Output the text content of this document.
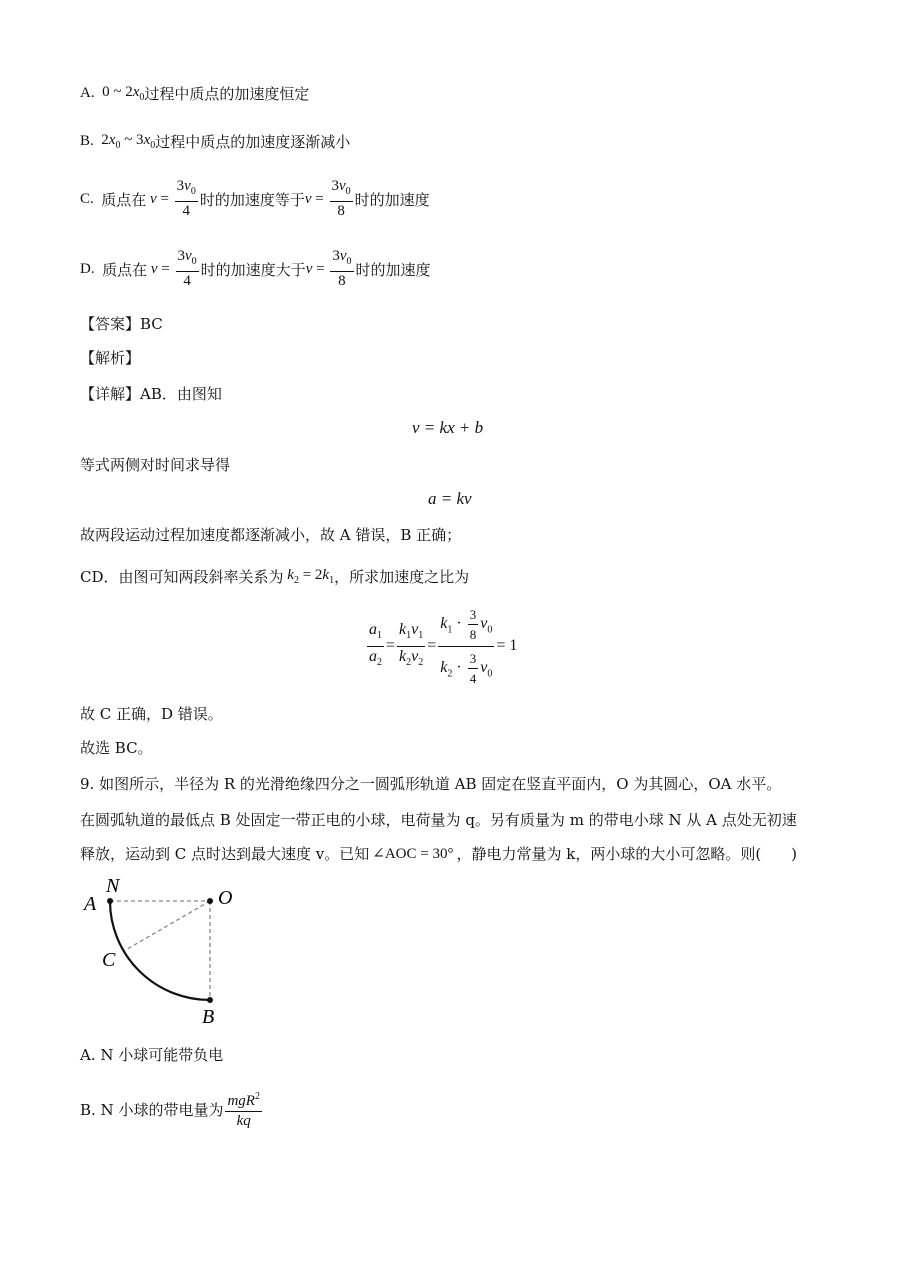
A. 0 ~ $2x_0$ 过程中质点的加速度恒定
B. $2x_0$ ~ $3x_0$ 过程中质点的加速度逐渐减小
C. 质点在 $v = \frac{3v_0}{4}$ 时的加速度等于 $v = \frac{3v_0}{8}$ 时的加速度
D. 质点在 $v = \frac{3v_0}{4}$ 时的加速度大于 $v = \frac{3v_0}{8}$ 时的加速度
【答案】BC
【解析】
【详解】AB．由图知
v = kx + b
等式两侧对时间求导得
a = kv
故两段运动过程加速度都逐渐减小，故 A 错误，B 正确；
CD．由图可知两段斜率关系为 $k_2 = 2k_1$ ，所求加速度之比为
$\frac{a_1}{a_2} = \frac{k_1v_1}{k_2v_2} = \frac{k_1 \cdot \frac{3}{8} v_0}{k_2 \cdot \frac{3}{4} v_0} = 1$
故 C 正确，D 错误。
故选 BC。
9. 如图所示，半径为 R 的光滑绝缘四分之一圆弧形轨道 AB 固定在竖直平面内，O 为其圆心，OA 水平。
在圆弧轨道的最低点 B 处固定一带正电的小球，电荷量为 q。另有质量为 m 的带电小球 N 从 A 点处无初速
释放，运动到 C 点时达到最大速度 v。已知 ∠AOC = 30° ，静电力常量为 k，两小球的大小可忽略。则(　　)
N
A	O
C
B
A. N 小球可能带负电
B. N 小球的带电量为 $\frac{mgR^2}{kq}$
